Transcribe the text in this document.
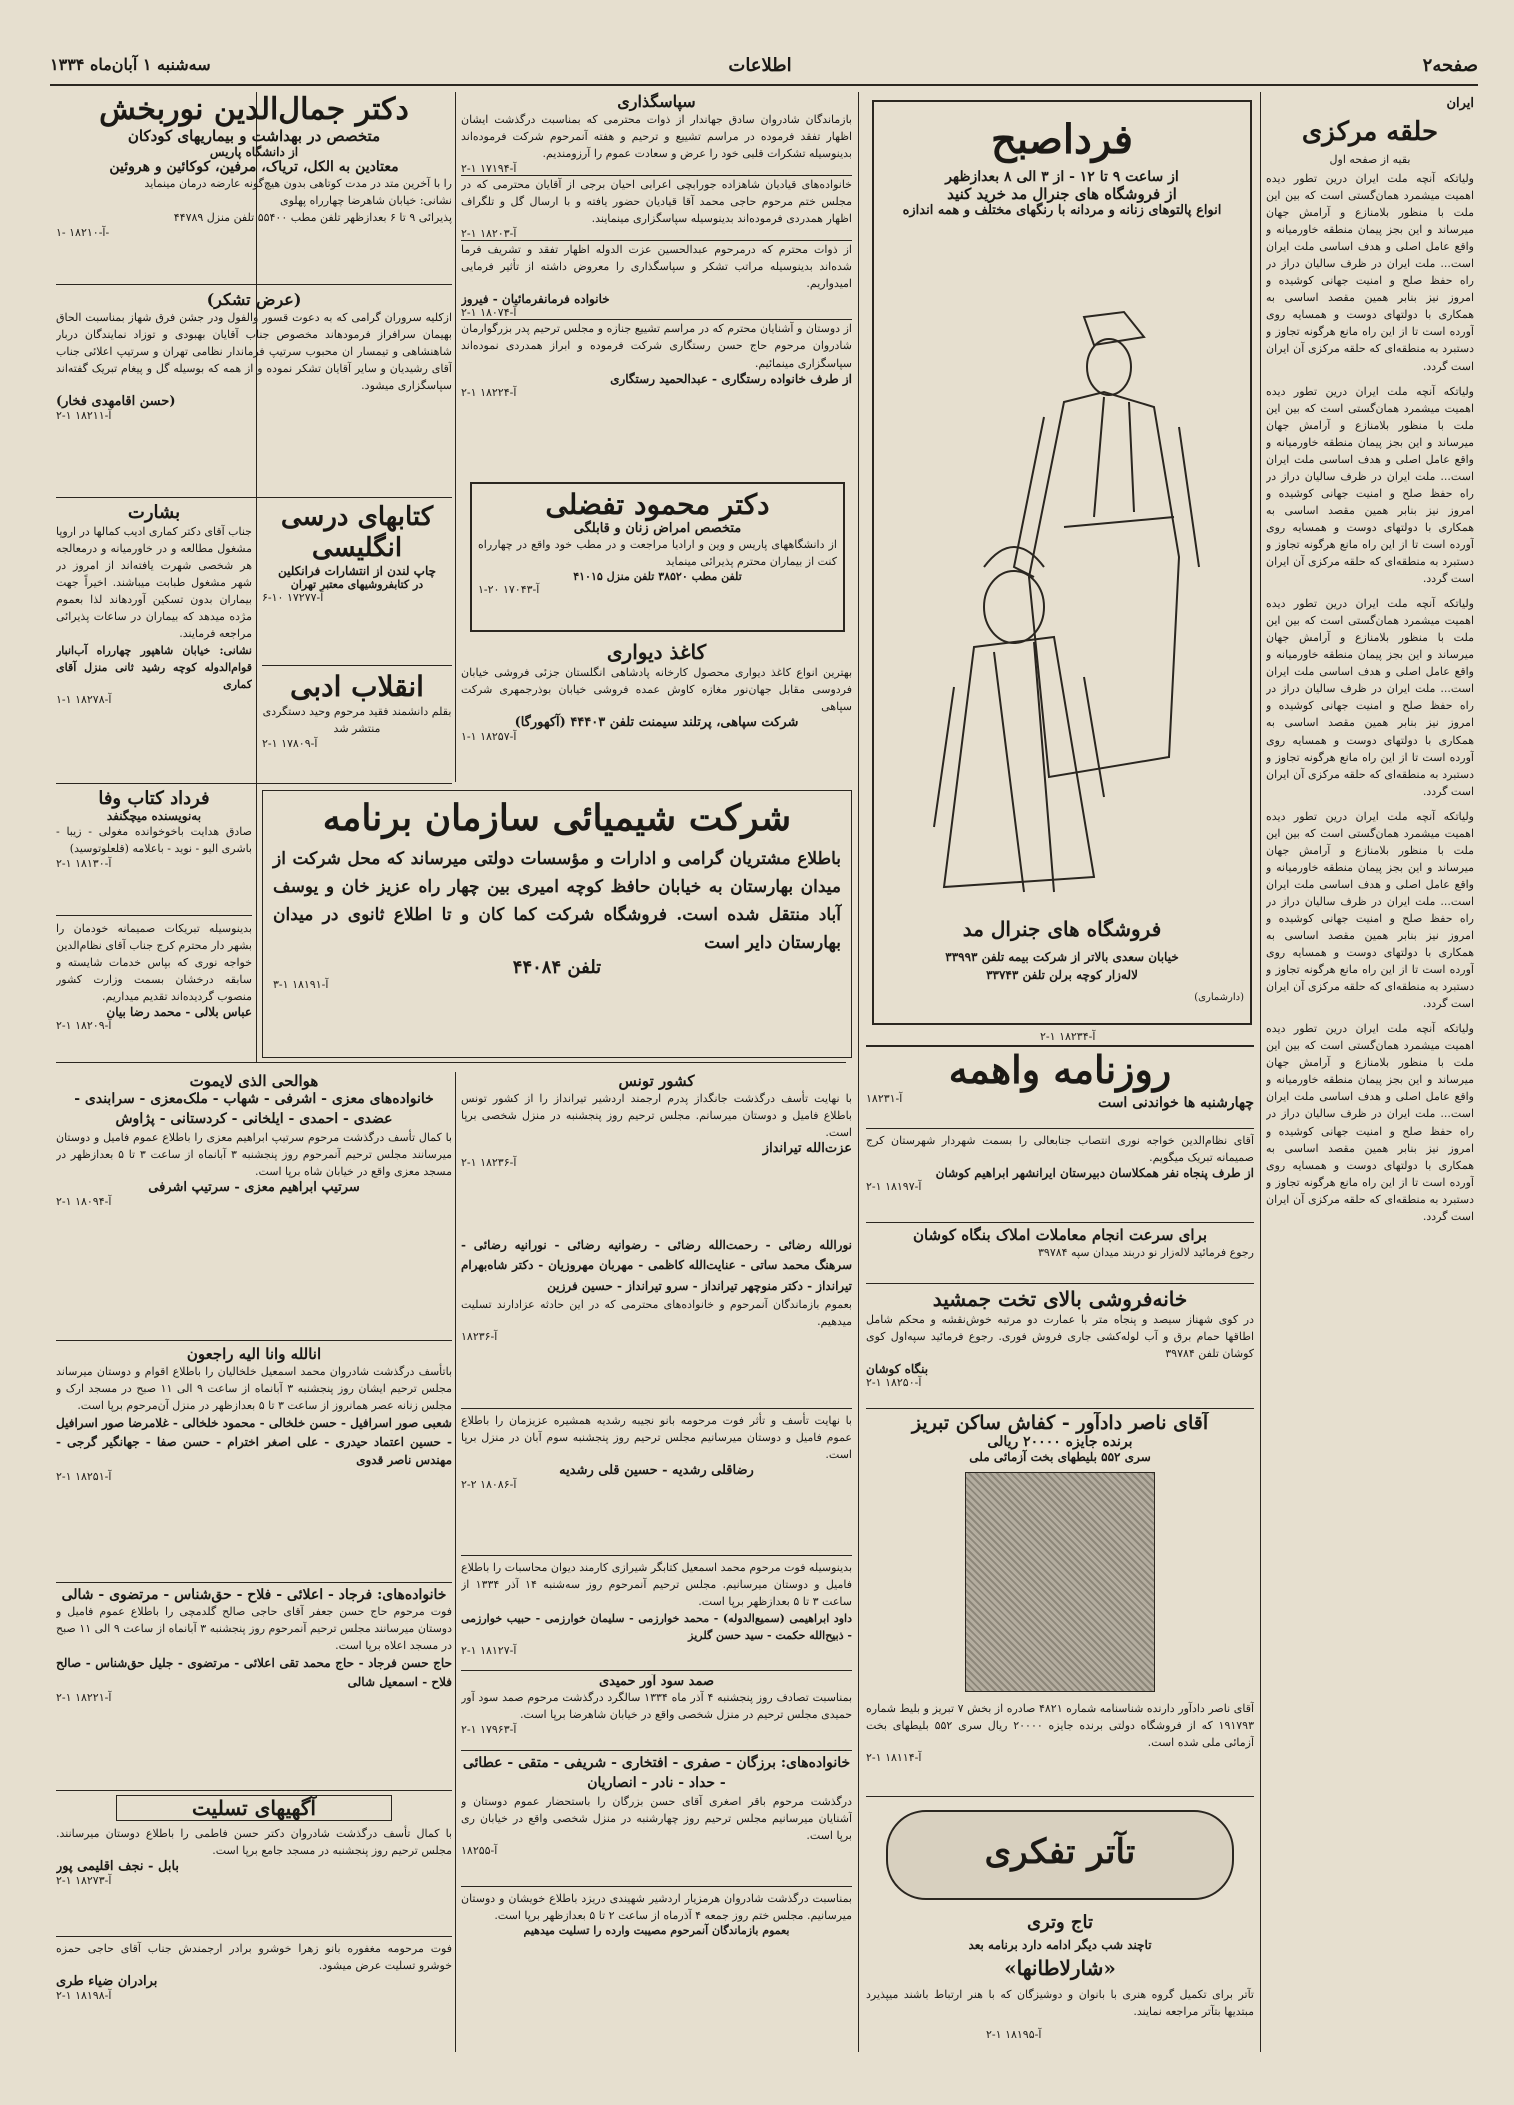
صفحه۲
اطلاعات
سه‌شنبه ۱ آبان‌ماه ۱۳۳۴
ایران
حلقه مرکزی
بقیه از صفحه اول
ولیاتکه آنچه ملت ایران درین تطور دیده اهمیت میشمرد همان‌گستی است که بین این ملت با منظور بلامنازع و آرامش جهان میرساند و این بجز پیمان منطقه خاورمیانه و واقع عامل اصلی و هدف اساسی ملت ایران است... ملت ایران در ظرف سالیان دراز در راه حفظ صلح و امنیت جهانی کوشیده و امروز نیز بنابر همین مقصد اساسی به همکاری با دولتهای دوست و همسایه روی آورده است تا از این راه مانع هرگونه تجاوز و دستبرد به منطقه‌ای که حلقه مرکزی آن ایران است گردد.
ولیاتکه آنچه ملت ایران درین تطور دیده اهمیت میشمرد همان‌گستی است که بین این ملت با منظور بلامنازع و آرامش جهان میرساند و این بجز پیمان منطقه خاورمیانه و واقع عامل اصلی و هدف اساسی ملت ایران است... ملت ایران در ظرف سالیان دراز در راه حفظ صلح و امنیت جهانی کوشیده و امروز نیز بنابر همین مقصد اساسی به همکاری با دولتهای دوست و همسایه روی آورده است تا از این راه مانع هرگونه تجاوز و دستبرد به منطقه‌ای که حلقه مرکزی آن ایران است گردد.
ولیاتکه آنچه ملت ایران درین تطور دیده اهمیت میشمرد همان‌گستی است که بین این ملت با منظور بلامنازع و آرامش جهان میرساند و این بجز پیمان منطقه خاورمیانه و واقع عامل اصلی و هدف اساسی ملت ایران است... ملت ایران در ظرف سالیان دراز در راه حفظ صلح و امنیت جهانی کوشیده و امروز نیز بنابر همین مقصد اساسی به همکاری با دولتهای دوست و همسایه روی آورده است تا از این راه مانع هرگونه تجاوز و دستبرد به منطقه‌ای که حلقه مرکزی آن ایران است گردد.
ولیاتکه آنچه ملت ایران درین تطور دیده اهمیت میشمرد همان‌گستی است که بین این ملت با منظور بلامنازع و آرامش جهان میرساند و این بجز پیمان منطقه خاورمیانه و واقع عامل اصلی و هدف اساسی ملت ایران است... ملت ایران در ظرف سالیان دراز در راه حفظ صلح و امنیت جهانی کوشیده و امروز نیز بنابر همین مقصد اساسی به همکاری با دولتهای دوست و همسایه روی آورده است تا از این راه مانع هرگونه تجاوز و دستبرد به منطقه‌ای که حلقه مرکزی آن ایران است گردد.
ولیاتکه آنچه ملت ایران درین تطور دیده اهمیت میشمرد همان‌گستی است که بین این ملت با منظور بلامنازع و آرامش جهان میرساند و این بجز پیمان منطقه خاورمیانه و واقع عامل اصلی و هدف اساسی ملت ایران است... ملت ایران در ظرف سالیان دراز در راه حفظ صلح و امنیت جهانی کوشیده و امروز نیز بنابر همین مقصد اساسی به همکاری با دولتهای دوست و همسایه روی آورده است تا از این راه مانع هرگونه تجاوز و دستبرد به منطقه‌ای که حلقه مرکزی آن ایران است گردد.
فرداصبح
از ساعت ۹ تا ۱۲ - از ۳ الی ۸ بعدازظهر
از فروشگاه های جنرال مد خرید کنید
انواع پالتوهای زنانه و مردانه با رنگهای مختلف و همه اندازه
فروشگاه های جنرال مد
خیابان سعدی بالاتر از شرکت بیمه تلفن ۳۳۹۹۳
لاله‌زار کوچه برلن تلفن ۳۳۷۴۳
(دارشماری)
آ-۱۸۲۳۴ ۱-۲
دکتر جمال‌الدین نوربخش
متخصص در بهداشت و بیماریهای کودکان
از دانشگاه پاریس
معتادین به الکل، تریاک، مرفین، کوکائین و هروئین
را با آخرین متد در مدت کوتاهی بدون هیچ‌گونه عارضه درمان مینماید
نشانی: خیابان شاهرضا چهارراه پهلوی
پذیرائی ۹ تا ۶ بعدازظهر تلفن مطب ۵۵۴۰۰ تلفن منزل ۴۴۷۸۹
آ-۱۸۲۱۰ -۱-
(عرض تشکر)
ازکلیه سروران گرامی که به دعوت قسور والفول ودر جشن فرق شهاز بمناسبت الحاق بهیمان سرافراز فرمودهاند مخصوص جناب آقایان بهبودی و توزاد نمایندگان دربار شاهنشاهی و تیمسار ان محبوب سرتیپ فرماندار نظامی تهران و سرتیپ اعلائی جناب آقای رشیدیان و سایر آقایان تشکر نموده و از همه که بوسیله گل و پیغام تبریک گفته‌اند سپاسگزاری میشود.
(حسن اقامهدی فخار)
آ-۱۸۲۱۱ ۱-۲
بشارت
جناب آقای دکتر کماری ادیب کمالها در اروپا مشغول مطالعه و در خاورمیانه و درمعالجه هر شخصی شهرت یافته‌اند از امروز در شهر مشغول طبابت میباشند. اخیراً جهت بیماران بدون تسکین آوردهاند لذا بعموم مژده میدهد که بیماران در ساعات پذیرائی مراجعه فرمایند.
نشانی: خیابان شاهپور چهارراه آب‌انبار قوام‌الدوله کوچه رشید ثانی منزل آقای کماری
آ-۱۸۲۷۸ ۱-۱
کتابهای درسی انگلیسی
چاپ لندن از انتشارات فرانکلین
در کتابفروشیهای معتبر تهران
آ-۱۷۲۷۷ ۱۰-۶
انقلاب ادبی
بقلم دانشمند فقید مرحوم وحید دستگردی منتشر شد
آ-۱۷۸۰۹ ۱-۲
فرداد کتاب وفا
به‌نویسنده میچگنفد
صادق هدایت باخوخوانده مغولی - زیبا - باشری الیو - نوید - باعلامه (قلعلوتوسید)
آ-۱۸۱۳۰ ۱-۲
بدینوسیله تبریکات صمیمانه خودمان را بشهر دار محترم کرج جناب آقای نظام‌الدین خواجه نوری که بپاس خدمات شایسته و سابقه درخشان بسمت وزارت کشور منصوب گردیده‌اند تقدیم میداریم.
عباس بلالی - محمد رضا بیان
آ-۱۸۲۰۹ ۱-۲
شرکت شیمیائی سازمان برنامه
باطلاع مشتریان گرامی و ادارات و مؤسسات دولتی میرساند که محل شرکت از میدان بهارستان به خیابان حافظ کوچه امیری بین چهار راه عزیز خان و یوسف آباد منتقل شده است. فروشگاه شرکت کما کان و تا اطلاع ثانوی در میدان بهارستان دایر است
تلفن ۴۴۰۸۴
آ-۱۸۱۹۱ ۱-۳
سپاسگذاری
بازماندگان شادروان سادق جهاندار از ذوات محترمی که بمناسبت درگذشت ایشان اظهار تفقد فرموده در مراسم تشییع و ترحیم و هفته آنمرحوم شرکت فرموده‌اند بدینوسیله تشکرات قلبی خود را عرض و سعادت عموم را آرزومندیم.
آ-۱۷۱۹۴ ۱-۲
خانواده‌های قیادیان شاهزاده جورابچی اعرابی احیان برجی از آقایان محترمی که در مجلس ختم مرحوم حاجی محمد آقا قیادیان حضور یافته و با ارسال گل و تلگراف اظهار همدردی فرموده‌اند بدینوسیله سپاسگزاری مینمایند.
آ-۱۸۲۰۳ ۱-۲
از ذوات محترم که درمرحوم عبدالحسین عزت الدوله اظهار تفقد و تشریف فرما شده‌اند بدینوسیله مراتب تشکر و سپاسگذاری را معروض داشته از تأثیر فرمایی امیدواریم.
خانواده فرمانفرمائیان - فیروز
آ-۱۸۰۷۴ ۱-۲
از دوستان و آشنایان محترم که در مراسم تشییع جنازه و مجلس ترحیم پدر بزرگوارمان شادروان مرحوم حاج حسن رستگاری شرکت فرموده و ابراز همدردی نموده‌اند سپاسگزاری مینمائیم.
از طرف خانواده رستگاری - عبدالحمید رستگاری
آ-۱۸۲۲۴ ۱-۲
دکتر محمود تفضلی
متخصص امراض زنان و قابلگی
از دانشگاههای پاریس و وین و ارادیا مراجعت و در مطب خود واقع در چهارراه کنت از بیماران محترم پذیرائی مینماید
تلفن مطب ۳۸۵۲۰ تلفن منزل ۴۱۰۱۵
آ-۱۷۰۴۳ ۲۰-۱
کاغذ دیواری
بهترین انواع کاغذ دیواری محصول کارخانه پادشاهی انگلستان جزئی فروشی خیابان فردوسی مقابل جهان‌نور مغازه کاوش عمده فروشی خیابان بوذرجمهری شرکت سپاهی
شرکت سپاهی، پرتلند سیمنت تلفن ۴۴۴۰۳ (آکهورگا)
آ-۱۸۲۵۷ ۱-۱
روزنامه واهمه
چهارشنبه ها خواندنی است
آ-۱۸۲۳۱
آقای نظام‌الدین خواجه نوری انتصاب جنابعالی را بسمت شهردار شهرستان کرج صمیمانه تبریک میگویم.
از طرف پنجاه نفر همکلاسان دبیرستان ایرانشهر ابراهیم کوشان
آ-۱۸۱۹۷ ۱-۲
برای سرعت انجام معاملات املاک بنگاه کوشان
رجوع فرمائید لاله‌زار نو دربند میدان سپه ۳۹۷۸۴
خانه‌فروشی بالای تخت جمشید
در کوی شهناز سیصد و پنجاه متر با عمارت دو مرتبه خوش‌نقشه و محکم شامل اطاقها حمام برق و آب لوله‌کشی جاری فروش فوری. رجوع فرمائید سپه‌اول کوی کوشان تلفن ۳۹۷۸۴
بنگاه کوشان
آ-۱۸۲۵۰ ۱-۲
آقای ناصر دادآور - کفاش ساکن تبریز
برنده جایزه ۲۰۰۰۰ ریالی
سری ۵۵۲ بلیطهای بخت آزمائی ملی
آقای ناصر دادآور دارنده شناسنامه شماره ۴۸۲۱ صادره از بخش ۷ تبریز و بلیط شماره ۱۹۱۷۹۳ که از فروشگاه دولتی برنده جایزه ۲۰۰۰۰ ریال سری ۵۵۲ بلیطهای بخت آزمائی ملی شده است.
آ-۱۸۱۱۴ ۱-۲
تآتر تفکری
تاج وتری
تاچند شب دیگر ادامه دارد برنامه بعد
«شارلاطانها»
تآتر برای تکمیل گروه هنری با بانوان و دوشیزگان که با هنر ارتباط باشند میپذیرد مبتدیها بتآتر مراجعه نمایند.
آ-۱۸۱۹۵ ۱-۲
هوالحی الذی لایموت
خانواده‌های معزی - اشرفی - شهاب - ملک‌معزی - سرابندی - عضدی - احمدی - ایلخانی - کردستانی - پژاوش
با کمال تأسف درگذشت مرحوم سرتیپ ابراهیم معزی را باطلاع عموم فامیل و دوستان میرسانند مجلس ترحیم آنمرحوم روز پنجشنبه ۳ آبانماه از ساعت ۳ تا ۵ بعدازظهر در مسجد معزی واقع در خیابان شاه برپا است.
سرتیپ ابراهیم معزی - سرتیپ اشرفی
آ-۱۸۰۹۴ ۱-۲
انالله وانا الیه راجعون
باتأسف درگذشت شادروان محمد اسمعیل خلخالیان را باطلاع اقوام و دوستان میرساند مجلس ترحیم ایشان روز پنجشنبه ۳ آبانماه از ساعت ۹ الی ۱۱ صبح در مسجد ارک و مجلس زنانه عصر همانروز از ساعت ۳ تا ۵ بعدازظهر در منزل آن‌مرحوم برپا است.
شعبی صور اسرافیل - حسن خلخالی - محمود خلخالی - غلامرضا صور اسرافیل - حسین اعتماد حیدری - علی اصغر اخترام - حسن صفا - جهانگیر گرجی - مهندس ناصر قدوی
آ-۱۸۲۵۱ ۱-۲
خانواده‌های: فرجاد - اعلائی - فلاح - حق‌شناس - مرتضوی - شالی
فوت مرحوم حاج حسن جعفر آقای حاجی صالح گلدمچی را باطلاع عموم فامیل و دوستان میرسانند مجلس ترحیم آنمرحوم روز پنجشنبه ۳ آبانماه از ساعت ۹ الی ۱۱ صبح در مسجد اعلاه برپا است.
حاج حسن فرجاد - حاج محمد تقی اعلائی - مرتضوی - جلیل حق‌شناس - صالح فلاح - اسمعیل شالی
آ-۱۸۲۲۱ ۱-۲
آگهیهای تسلیت
با کمال تأسف درگذشت شادروان دکتر حسن فاطمی را باطلاع دوستان میرسانند. مجلس ترحیم روز پنجشنبه در مسجد جامع برپا است.
بابل - نجف اقلیمی پور
آ-۱۸۲۷۳ ۱-۲
فوت مرحومه مغفوره بانو زهرا خوشرو برادر ارجمندش جناب آقای حاجی حمزه خوشرو تسلیت عرض میشود.
برادران ضیاء طری
آ-۱۸۱۹۸ ۱-۲
کشور تونس
با نهایت تأسف درگذشت جانگداز پدرم ارجمند اردشیر تیرانداز را از کشور تونس باطلاع فامیل و دوستان میرسانم. مجلس ترحیم روز پنجشنبه در منزل شخصی برپا است.
عزت‌الله تیرانداز
آ-۱۸۲۳۶ ۱-۲
نورالله رضائی - رحمت‌الله رضائی - رضوانیه رضائی - نورانیه رضائی - سرهنگ محمد ساتی - عنایت‌الله کاظمی - مهربان مهروزیان - دکتر شاه‌بهرام تیرانداز - دکتر منوچهر تیرانداز - سرو تیرانداز - حسین فرزین
بعموم بازماندگان آنمرحوم و خانواده‌های محترمی که در این حادثه عزادارند تسلیت میدهیم.
آ-۱۸۲۳۶
با نهایت تأسف و تأثر فوت مرحومه بانو نجیبه رشدیه همشیره عزیزمان را باطلاع عموم فامیل و دوستان میرسانیم مجلس ترحیم روز پنجشنبه سوم آبان در منزل برپا است.
رضاقلی رشدیه - حسین قلی رشدیه
آ-۱۸۰۸۶ ۲-۲
بدینوسیله فوت مرحوم محمد اسمعیل کتابگر شیرازی کارمند دیوان محاسبات را باطلاع فامیل و دوستان میرسانیم. مجلس ترحیم آنمرحوم روز سه‌شنبه ۱۴ آذر ۱۳۳۴ از ساعت ۳ تا ۵ بعدازظهر برپا است.
داود ابراهیمی (سمیع‌الدوله) - محمد خوارزمی - سلیمان خوارزمی - حبیب خوارزمی - ذبیح‌الله حکمت - سید حسن گلریز
آ-۱۸۱۲۷ ۱-۲
صمد سود آور حمیدی
بمناسبت تصادف روز پنجشنبه ۴ آذر ماه ۱۳۳۴ سالگرد درگذشت مرحوم صمد سود آور حمیدی مجلس ترحیم در منزل شخصی واقع در خیابان شاهرضا برپا است.
آ-۱۷۹۶۳ ۱-۲
خانواده‌های: برزگان - صفری - افتخاری - شریفی - متقی - عطائی - حداد - نادر - انصاریان
درگذشت مرحوم باقر اصغری آقای حسن بزرگان را باستحضار عموم دوستان و آشنایان میرسانیم مجلس ترحیم روز چهارشنبه در منزل شخصی واقع در خیابان ری برپا است.
آ-۱۸۲۵۵
بمناسبت درگذشت شادروان هرمزیار اردشیر شهیندی دریزد باطلاع خویشان و دوستان میرسانیم. مجلس ختم روز جمعه ۴ آذرماه از ساعت ۲ تا ۵ بعدازظهر برپا است.
بعموم بازماندگان آنمرحوم مصیبت وارده را تسلیت میدهیم
